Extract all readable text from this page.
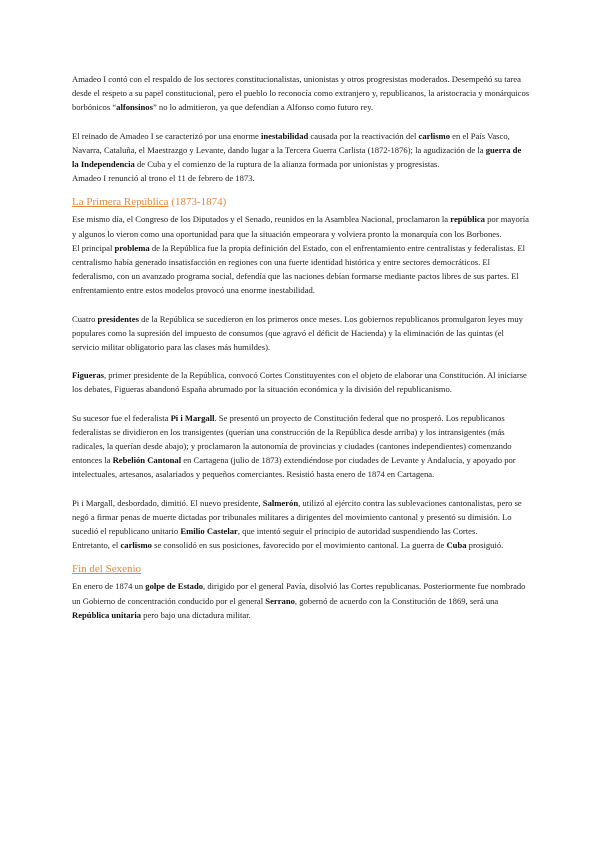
Amadeo I contó con el respaldo de los sectores constitucionalistas, unionistas y otros progresistas moderados. Desempeñó su tarea desde el respeto a su papel constitucional, pero el pueblo lo reconocía como extranjero y, republicanos, la aristocracia y monárquicos borbónicos “alfonsinos” no lo admitieron, ya que defendían a Alfonso como futuro rey.

El reinado de Amadeo I se caracterizó por una enorme inestabilidad causada por la reactivación del carlismo en el País Vasco, Navarra, Cataluña, el Maestrazgo y Levante, dando lugar a la Tercera Guerra Carlista (1872-1876); la agudización de la guerra de la Independencia de Cuba y el comienzo de la ruptura de la alianza formada por unionistas y progresistas.

Amadeo I renunció al trono el 11 de febrero de 1873.

La Primera República (1873-1874)

Ese mismo día, el Congreso de los Diputados y el Senado, reunidos en la Asamblea Nacional, proclamaron la república por mayoría y algunos lo vieron como una oportunidad para que la situación empeorara y volviera pronto la monarquía con los Borbones.

El principal problema de la República fue la propia definición del Estado, con el enfrentamiento entre centralistas y federalistas. El centralismo había generado insatisfacción en regiones con una fuerte identidad histórica y entre sectores democráticos. El federalismo, con un avanzado programa social, defendía que las naciones debían formarse mediante pactos libres de sus partes. El enfrentamiento entre estos modelos provocó una enorme inestabilidad.

Cuatro presidentes de la República se sucedieron en los primeros once meses. Los gobiernos republicanos promulgaron leyes muy populares como la supresión del impuesto de consumos (que agravó el déficit de Hacienda) y la eliminación de las quintas (el servicio militar obligatorio para las clases más humildes).

Figueras, primer presidente de la República, convocó Cortes Constituyentes con el objeto de elaborar una Constitución. Al iniciarse los debates, Figueras abandonó España abrumado por la situación económica y la división del republicanismo.

Su sucesor fue el federalista Pi i Margall. Se presentó un proyecto de Constitución federal que no prosperó. Los republicanos federalistas se dividieron en los transigentes (querían una construcción de la República desde arriba) y los intransigentes (más radicales, la querían desde abajo); y proclamaron la autonomía de provincias y ciudades (cantones independientes) comenzando entonces la Rebelión Cantonal en Cartagena (julio de 1873) extendiéndose por ciudades de Levante y Andalucía, y apoyado por intelectuales, artesanos, asalariados y pequeños comerciantes. Resistió hasta enero de 1874 en Cartagena.

Pi i Margall, desbordado, dimitió. El nuevo presidente, Salmerón, utilizó al ejército contra las sublevaciones cantonalistas, pero se negó a firmar penas de muerte dictadas por tribunales militares a dirigentes del movimiento cantonal y presentó su dimisión. Lo sucedió el republicano unitario Emilio Castelar, que intentó seguir el principio de autoridad suspendiendo las Cortes.

Entretanto, el carlismo se consolidó en sus posiciones, favorecido por el movimiento cantonal. La guerra de Cuba prosiguió.

Fin del Sexenio

En enero de 1874 un golpe de Estado, dirigido por el general Pavía, disolvió las Cortes republicanas. Posteriormente fue nombrado un Gobierno de concentración conducido por el general Serrano, gobernó de acuerdo con la Constitución de 1869, será una República unitaria pero bajo una dictadura militar.
